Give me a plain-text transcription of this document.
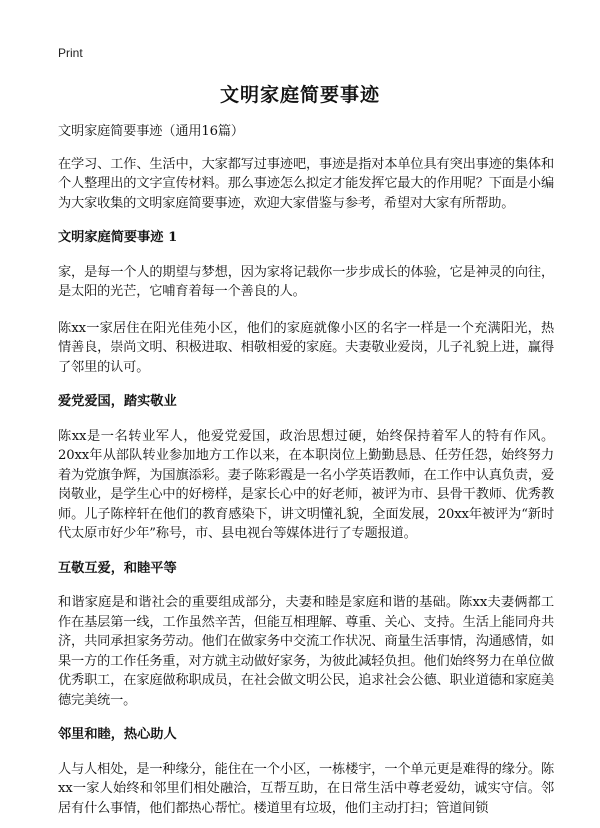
Print
文明家庭简要事迹

文明家庭简要事迹（通用16篇）

在学习、工作、生活中，大家都写过事迹吧，事迹是指对本单位具有突出事迹的集体和个人整理出的文字宣传材料。那么事迹怎么拟定才能发挥它最大的作用呢？下面是小编为大家收集的文明家庭简要事迹，欢迎大家借鉴与参考，希望对大家有所帮助。

文明家庭简要事迹 1

家，是每一个人的期望与梦想，因为家将记载你一步步成长的体验，它是神灵的向往，是太阳的光芒，它哺育着每一个善良的人。

陈xx一家居住在阳光佳苑小区，他们的家庭就像小区的名字一样是一个充满阳光，热情善良，崇尚文明、积极进取、相敬相爱的家庭。夫妻敬业爱岗，儿子礼貌上进，赢得了邻里的认可。

爱党爱国，踏实敬业

陈xx是一名转业军人，他爱党爱国，政治思想过硬，始终保持着军人的特有作风。20xx年从部队转业参加地方工作以来，在本职岗位上勤勤恳恳、任劳任怨，始终努力着为党旗争辉，为国旗添彩。妻子陈彩霞是一名小学英语教师，在工作中认真负责，爱岗敬业，是学生心中的好榜样，是家长心中的好老师，被评为市、县骨干教师、优秀教师。儿子陈梓轩在他们的教育感染下，讲文明懂礼貌，全面发展，20xx年被评为“新时代太原市好少年”称号，市、县电视台等媒体进行了专题报道。

互敬互爱，和睦平等

和谐家庭是和谐社会的重要组成部分，夫妻和睦是家庭和谐的基础。陈xx夫妻俩都工作在基层第一线，工作虽然辛苦，但能互相理解、尊重、关心、支持。生活上能同舟共济，共同承担家务劳动。他们在做家务中交流工作状况、商量生活事情，沟通感情，如果一方的工作任务重，对方就主动做好家务，为彼此减轻负担。他们始终努力在单位做优秀职工，在家庭做称职成员，在社会做文明公民，追求社会公德、职业道德和家庭美德完美统一。

邻里和睦，热心助人

人与人相处，是一种缘分，能住在一个小区，一栋楼宇，一个单元更是难得的缘分。陈xx一家人始终和邻里们相处融洽，互帮互助，在日常生活中尊老爱幼，诚实守信。邻居有什么事情，他们都热心帮忙。楼道里有垃圾，他们主动打扫；管道间锁
